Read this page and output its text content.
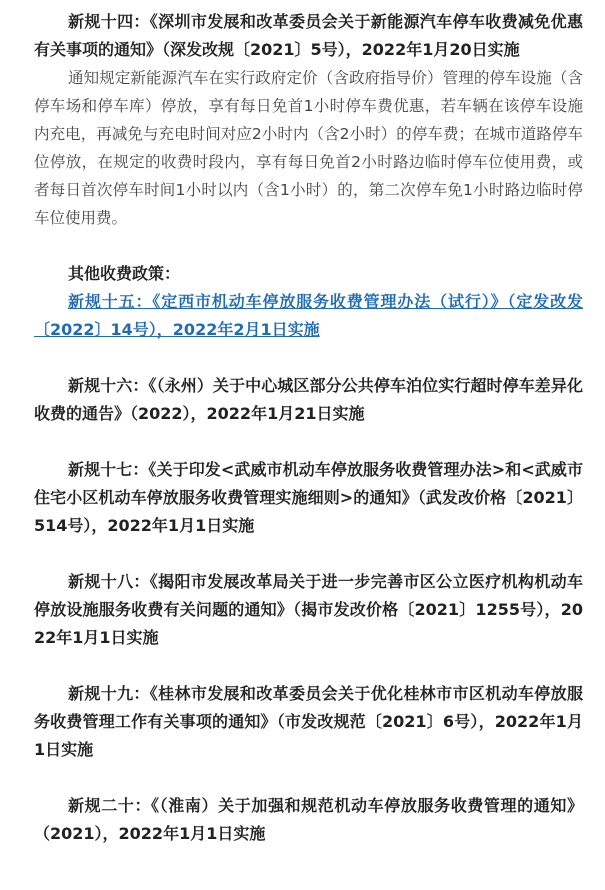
新规十四：《深圳市发展和改革委员会关于新能源汽车停车收费减免优惠有关事项的通知》（深发改规〔2021〕5号），2022年1月20日实施

通知规定新能源汽车在实行政府定价（含政府指导价）管理的停车设施（含停车场和停车库）停放，享有每日免首1小时停车费优惠，若车辆在该停车设施内充电，再减免与充电时间对应2小时内（含2小时）的停车费；在城市道路停车位停放，在规定的收费时段内，享有每日免首2小时路边临时停车位使用费，或者每日首次停车时间1小时以内（含1小时）的，第二次停车免1小时路边临时停车位使用费。

其他收费政策：

新规十五：《定西市机动车停放服务收费管理办法（试行）》（定发改发〔2022〕14号），2022年2月1日实施

新规十六：《（永州）关于中心城区部分公共停车泊位实行超时停车差异化收费的通告》（2022），2022年1月21日实施

新规十七：《关于印发<武威市机动车停放服务收费管理办法>和<武威市住宅小区机动车停放服务收费管理实施细则>的通知》（武发改价格〔2021〕514号），2022年1月1日实施

新规十八：《揭阳市发展改革局关于进一步完善市区公立医疗机构机动车停放设施服务收费有关问题的通知》（揭市发改价格〔2021〕1255号），2022年1月1日实施

新规十九：《桂林市发展和改革委员会关于优化桂林市市区机动车停放服务收费管理工作有关事项的通知》（市发改规范〔2021〕6号），2022年1月1日实施

新规二十：《（淮南）关于加强和规范机动车停放服务收费管理的通知》（2021），2022年1月1日实施
